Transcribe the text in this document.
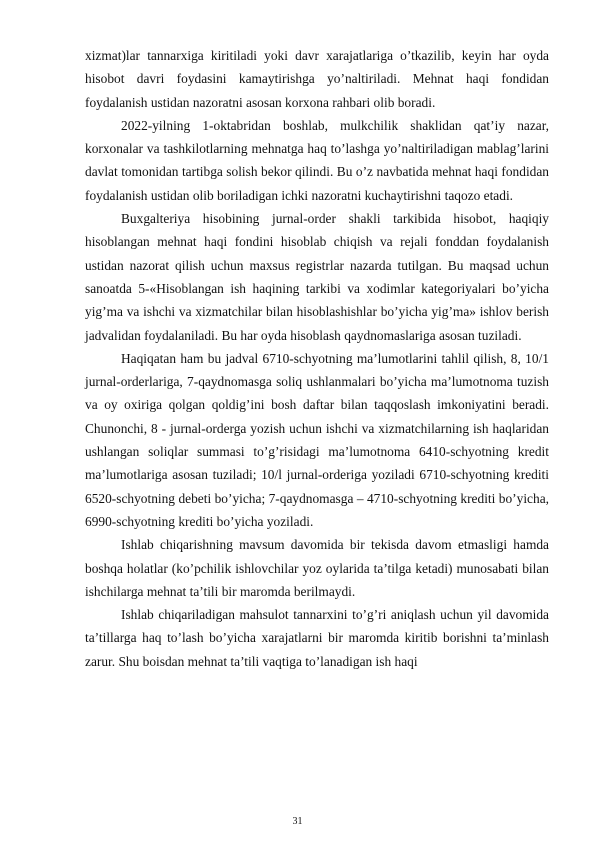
xizmat)lar tannarxiga kiritiladi yoki davr xarajatlariga o’tkazilib, keyin har oyda hisobot davri foydasini kamaytirishga yo’naltiriladi. Mehnat haqi fondidan foydalanish ustidan nazoratni asosan korxona rahbari olib boradi.

2022-yilning 1-oktabridan boshlab, mulkchilik shaklidan qat’iy nazar, korxonalar va tashkilotlarning mehnatga haq to’lashga yo’naltiriladigan mablag’larini davlat tomonidan tartibga solish bekor qilindi. Bu o’z navbatida mehnat haqi fondidan foydalanish ustidan olib boriladigan ichki nazoratni kuchaytirishni taqozo etadi.

Buxgalteriya hisobining jurnal-order shakli tarkibida hisobot, haqiqiy hisoblangan mehnat haqi fondini hisoblab chiqish va rejali fonddan foydalanish ustidan nazorat qilish uchun maxsus registrlar nazarda tutilgan. Bu maqsad uchun sanoatda 5-«Hisoblangan ish haqining tarkibi va xodimlar kategoriyalari bo’yicha yig’ma va ishchi va xizmatchilar bilan hisoblashishlar bo’yicha yig’ma» ishlov berish jadvalidan foydalaniladi. Bu har oyda hisoblash qaydnomaslariga asosan tuziladi.

Haqiqatan ham bu jadval 6710-schyotning ma’lumotlarini tahlil qilish, 8, 10/1 jurnal-orderlariga, 7-qaydnomasga soliq ushlanmalari bo’yicha ma’lumotnoma tuzish va oy oxiriga qolgan qoldig’ini bosh daftar bilan taqqoslash imkoniyatini beradi. Chunonchi, 8 - jurnal-orderga yozish uchun ishchi va xizmatchilarning ish haqlaridan ushlangan soliqlar summasi to’g’risidagi ma’lumotnoma 6410-schyotning kredit ma’lumotlariga asosan tuziladi; 10/l jurnal-orderiga yoziladi 6710-schyotning krediti 6520-schyotning debeti bo’yicha; 7-qaydnomasga – 4710-schyotning krediti bo’yicha, 6990-schyotning krediti bo’yicha yoziladi.

Ishlab chiqarishning mavsum davomida bir tekisda davom etmasligi hamda boshqa holatlar (ko’pchilik ishlovchilar yoz oylarida ta’tilga ketadi) munosabati bilan ishchilarga mehnat ta’tili bir maromda berilmaydi.

Ishlab chiqariladigan mahsulot tannarxini to’g’ri aniqlash uchun yil davomida ta’tillarga haq to’lash bo’yicha xarajatlarni bir maromda kiritib borishni ta’minlash zarur. Shu boisdan mehnat ta’tili vaqtiga to’lanadigan ish haqi

31
